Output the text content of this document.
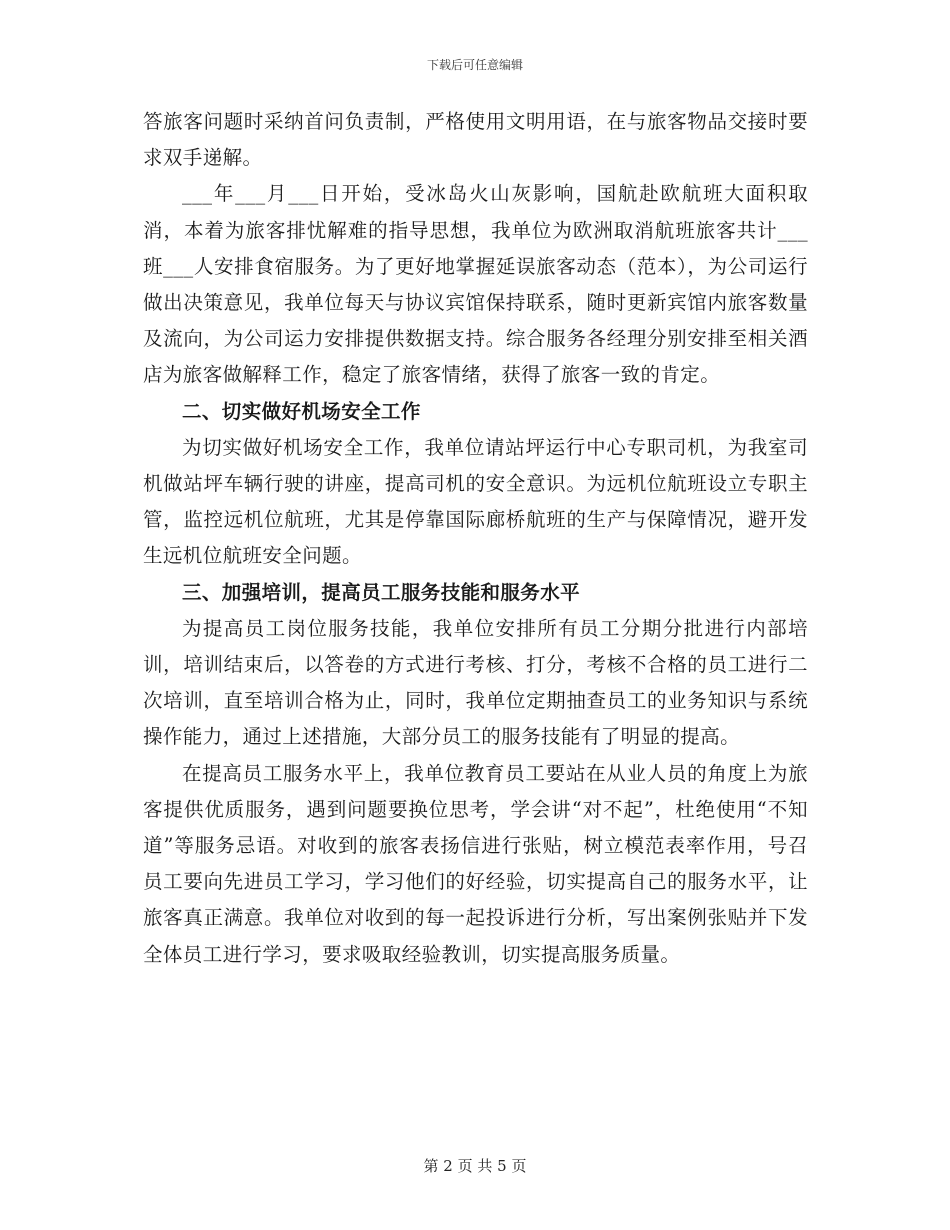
下载后可任意编辑

答旅客问题时采纳首问负责制，严格使用文明用语，在与旅客物品交接时要求双手递解。

___年___月___日开始，受冰岛火山灰影响，国航赴欧航班大面积取消，本着为旅客排忧解难的指导思想，我单位为欧洲取消航班旅客共计___班___人安排食宿服务。为了更好地掌握延误旅客动态（范本），为公司运行做出决策意见，我单位每天与协议宾馆保持联系，随时更新宾馆内旅客数量及流向，为公司运力安排提供数据支持。综合服务各经理分别安排至相关酒店为旅客做解释工作，稳定了旅客情绪，获得了旅客一致的肯定。

二、切实做好机场安全工作

为切实做好机场安全工作，我单位请站坪运行中心专职司机，为我室司机做站坪车辆行驶的讲座，提高司机的安全意识。为远机位航班设立专职主管，监控远机位航班，尤其是停靠国际廊桥航班的生产与保障情况，避开发生远机位航班安全问题。

三、加强培训，提高员工服务技能和服务水平

为提高员工岗位服务技能，我单位安排所有员工分期分批进行内部培训，培训结束后，以答卷的方式进行考核、打分，考核不合格的员工进行二次培训，直至培训合格为止，同时，我单位定期抽查员工的业务知识与系统操作能力，通过上述措施，大部分员工的服务技能有了明显的提高。

在提高员工服务水平上，我单位教育员工要站在从业人员的角度上为旅客提供优质服务，遇到问题要换位思考，学会讲“对不起”，杜绝使用“不知道”等服务忌语。对收到的旅客表扬信进行张贴，树立模范表率作用，号召员工要向先进员工学习，学习他们的好经验，切实提高自己的服务水平，让旅客真正满意。我单位对收到的每一起投诉进行分析，写出案例张贴并下发全体员工进行学习，要求吸取经验教训，切实提高服务质量。

第 2 页 共 5 页
